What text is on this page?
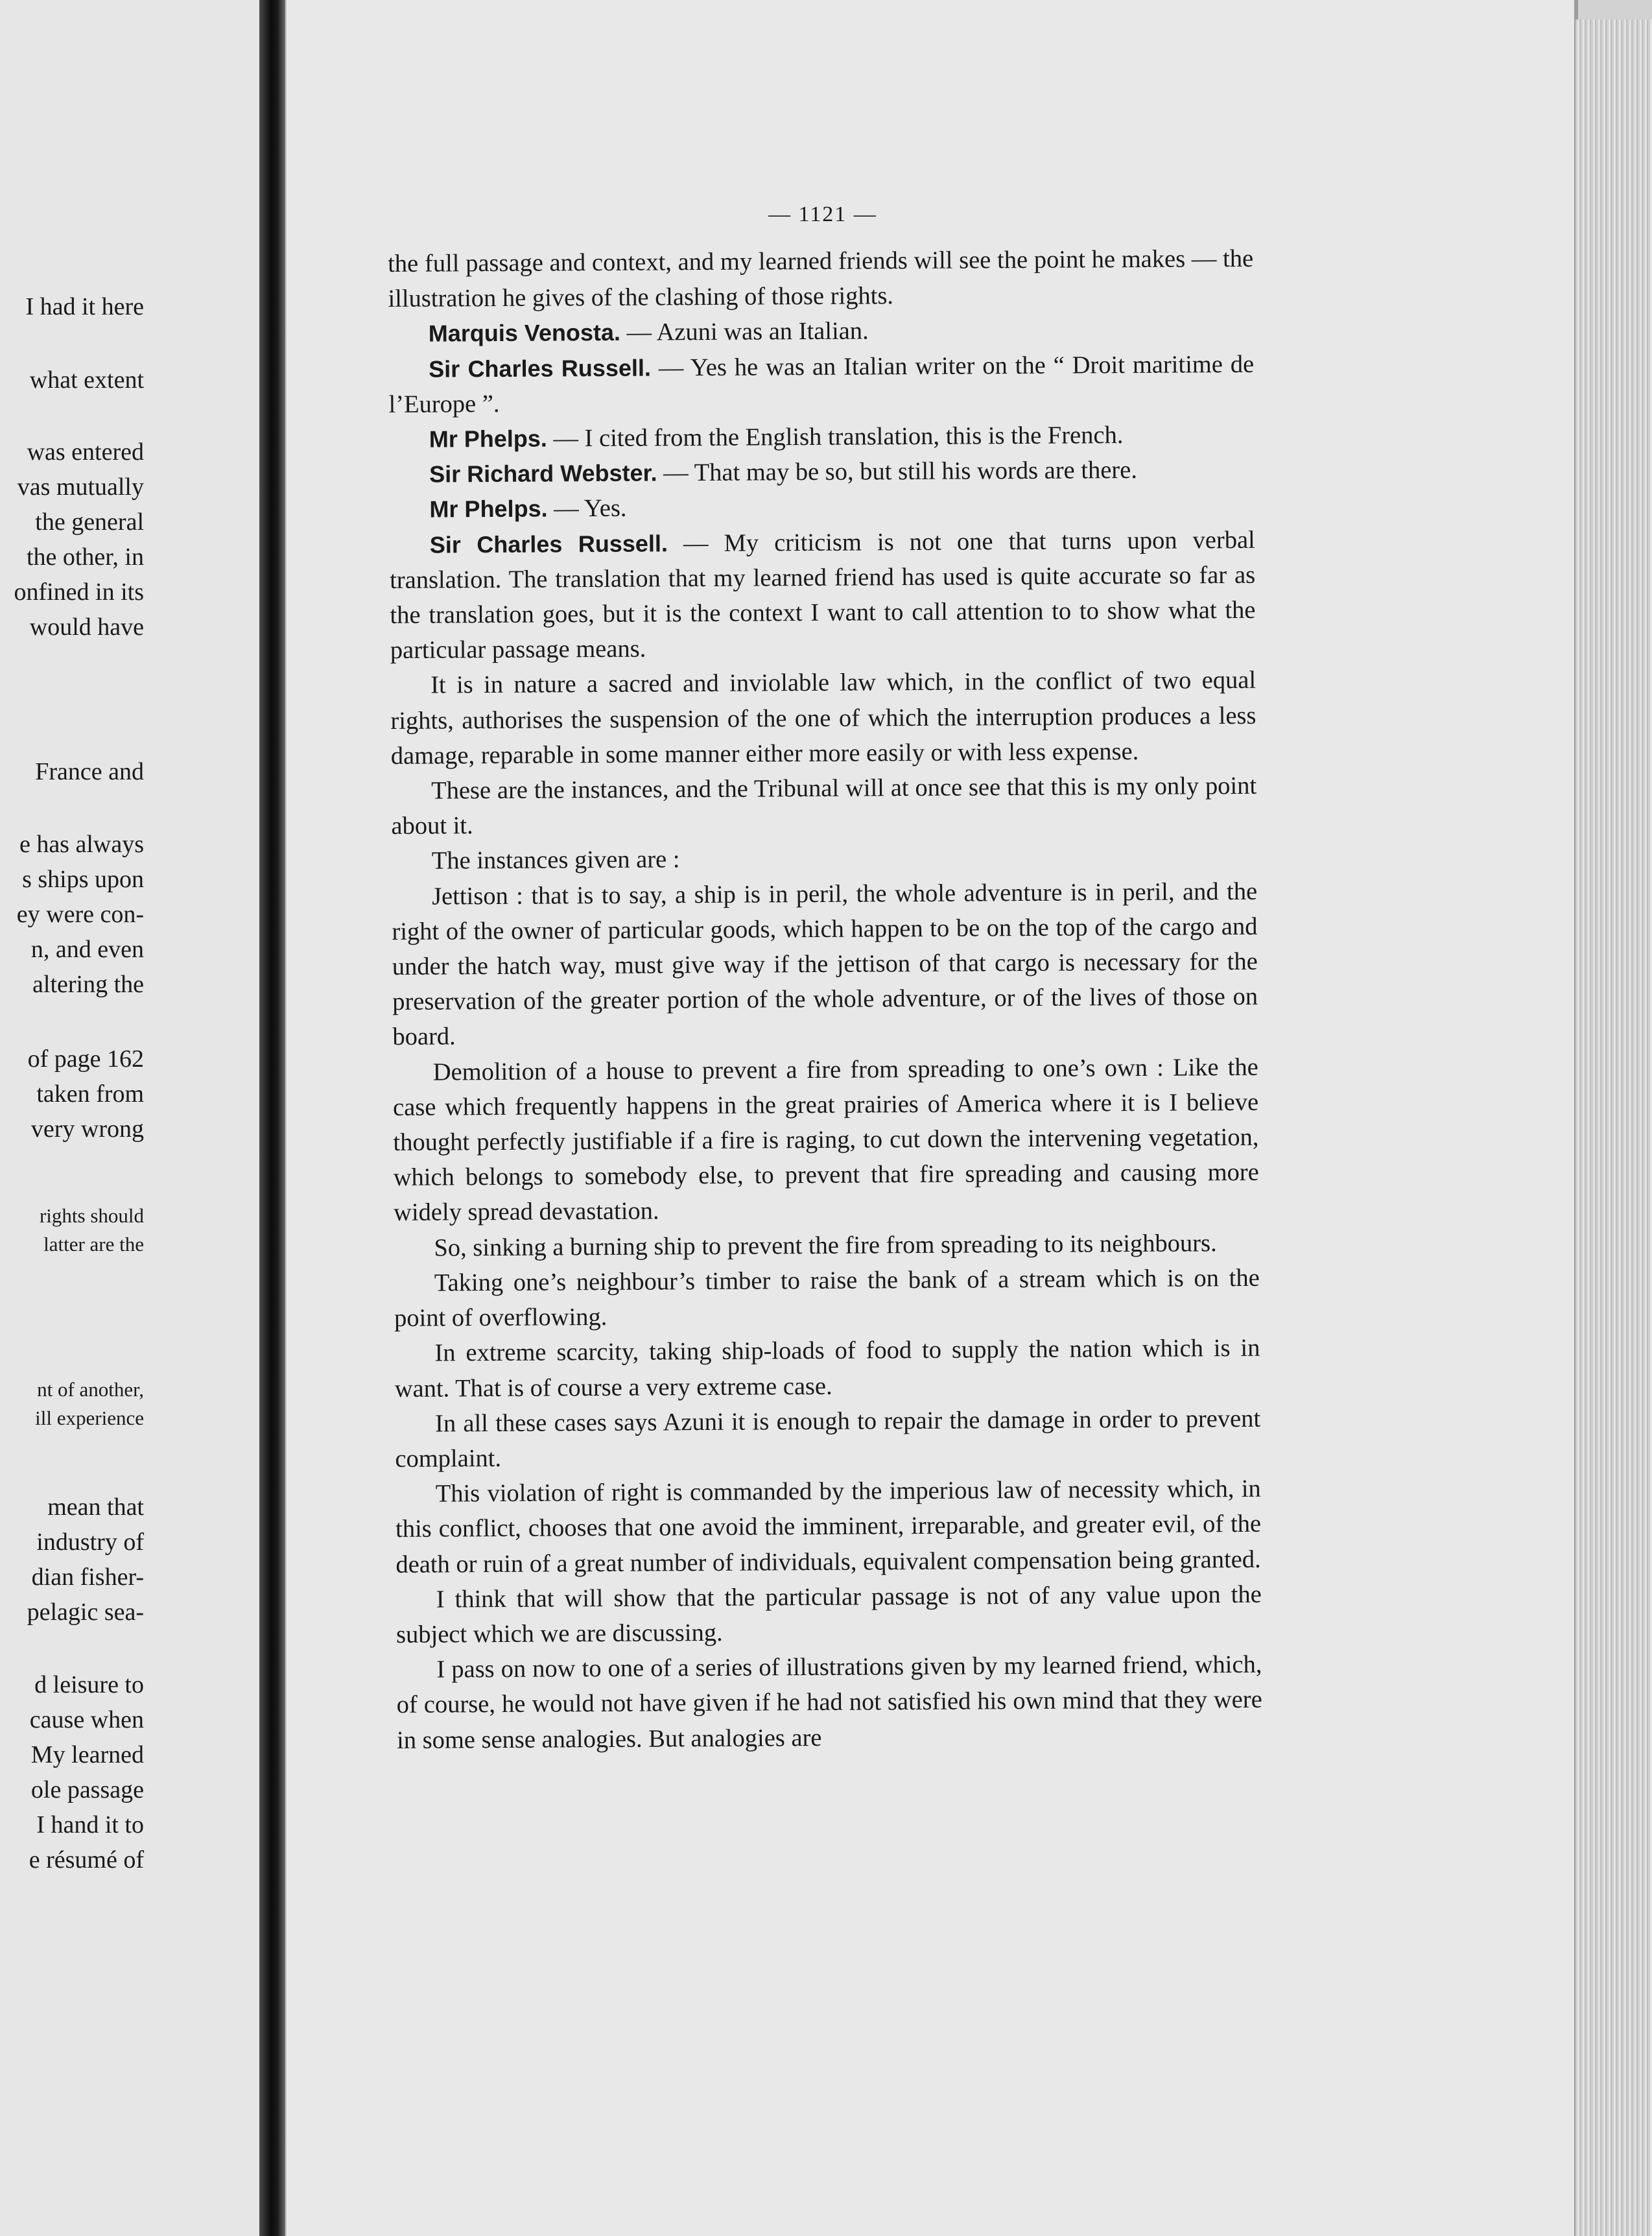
I had it here
what extent
was entered
vas mutually
the general
the other, in
onfined in its
would have
France and
e has always
s ships upon
ey were con-
n, and even
altering the
of page 162
taken from
very wrong
rights should
latter are the
nt of another,
ill experience
mean that
industry of
dian fisher-
pelagic sea-
d leisure to
cause when
My learned
ole passage
I hand it to
e résumé of
— 1121 —

the full passage and context, and my learned friends will see the point he makes — the illustration he gives of the clashing of those rights.

Marquis Venosta. — Azuni was an Italian.

Sir Charles Russell. — Yes he was an Italian writer on the “ Droit maritime de l’Europe ”.

Mr Phelps. — I cited from the English translation, this is the French.

Sir Richard Webster. — That may be so, but still his words are there.

Mr Phelps. — Yes.

Sir Charles Russell. — My criticism is not one that turns upon verbal translation. The translation that my learned friend has used is quite accurate so far as the translation goes, but it is the context I want to call attention to to show what the particular passage means.

It is in nature a sacred and inviolable law which, in the conflict of two equal rights, authorises the suspension of the one of which the interruption produces a less damage, reparable in some manner either more easily or with less expense.

These are the instances, and the Tribunal will at once see that this is my only point about it.

The instances given are :

Jettison : that is to say, a ship is in peril, the whole adventure is in peril, and the right of the owner of particular goods, which happen to be on the top of the cargo and under the hatch way, must give way if the jettison of that cargo is necessary for the preservation of the greater portion of the whole adventure, or of the lives of those on board.

Demolition of a house to prevent a fire from spreading to one’s own : Like the case which frequently happens in the great prairies of America where it is I believe thought perfectly justifiable if a fire is raging, to cut down the intervening vegetation, which belongs to somebody else, to prevent that fire spreading and causing more widely spread devastation.

So, sinking a burning ship to prevent the fire from spreading to its neighbours.

Taking one’s neighbour’s timber to raise the bank of a stream which is on the point of overflowing.

In extreme scarcity, taking ship-loads of food to supply the nation which is in want. That is of course a very extreme case.

In all these cases says Azuni it is enough to repair the damage in order to prevent complaint.

This violation of right is commanded by the imperious law of necessity which, in this conflict, chooses that one avoid the imminent, irreparable, and greater evil, of the death or ruin of a great number of individuals, equivalent compensation being granted.

I think that will show that the particular passage is not of any value upon the subject which we are discussing.

I pass on now to one of a series of illustrations given by my learned friend, which, of course, he would not have given if he had not satisfied his own mind that they were in some sense analogies. But analogies are
